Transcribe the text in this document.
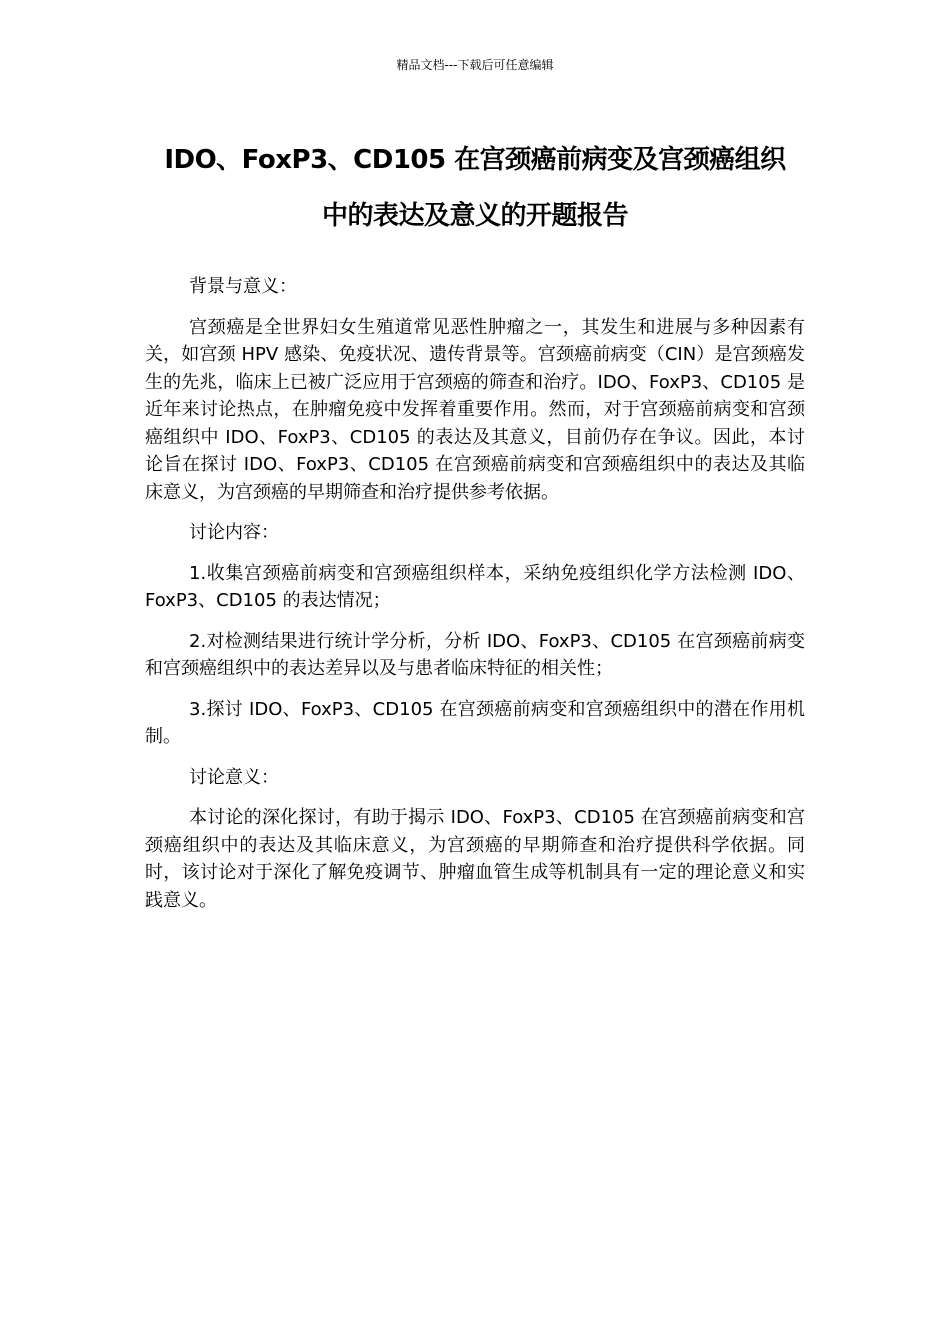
精品文档---下载后可任意编辑
IDO、FoxP3、CD105 在宫颈癌前病变及宫颈癌组织
中的表达及意义的开题报告

背景与意义：

宫颈癌是全世界妇女生殖道常见恶性肿瘤之一，其发生和进展与多种因素有关，如宫颈 HPV 感染、免疫状况、遗传背景等。宫颈癌前病变（CIN）是宫颈癌发生的先兆，临床上已被广泛应用于宫颈癌的筛查和治疗。IDO、FoxP3、CD105 是近年来讨论热点，在肿瘤免疫中发挥着重要作用。然而，对于宫颈癌前病变和宫颈癌组织中 IDO、FoxP3、CD105 的表达及其意义，目前仍存在争议。因此，本讨论旨在探讨 IDO、FoxP3、CD105 在宫颈癌前病变和宫颈癌组织中的表达及其临床意义，为宫颈癌的早期筛查和治疗提供参考依据。

讨论内容：

1.收集宫颈癌前病变和宫颈癌组织样本，采纳免疫组织化学方法检测 IDO、FoxP3、CD105 的表达情况；

2.对检测结果进行统计学分析，分析 IDO、FoxP3、CD105 在宫颈癌前病变和宫颈癌组织中的表达差异以及与患者临床特征的相关性；

3.探讨 IDO、FoxP3、CD105 在宫颈癌前病变和宫颈癌组织中的潜在作用机制。

讨论意义：

本讨论的深化探讨，有助于揭示 IDO、FoxP3、CD105 在宫颈癌前病变和宫颈癌组织中的表达及其临床意义，为宫颈癌的早期筛查和治疗提供科学依据。同时，该讨论对于深化了解免疫调节、肿瘤血管生成等机制具有一定的理论意义和实践意义。
